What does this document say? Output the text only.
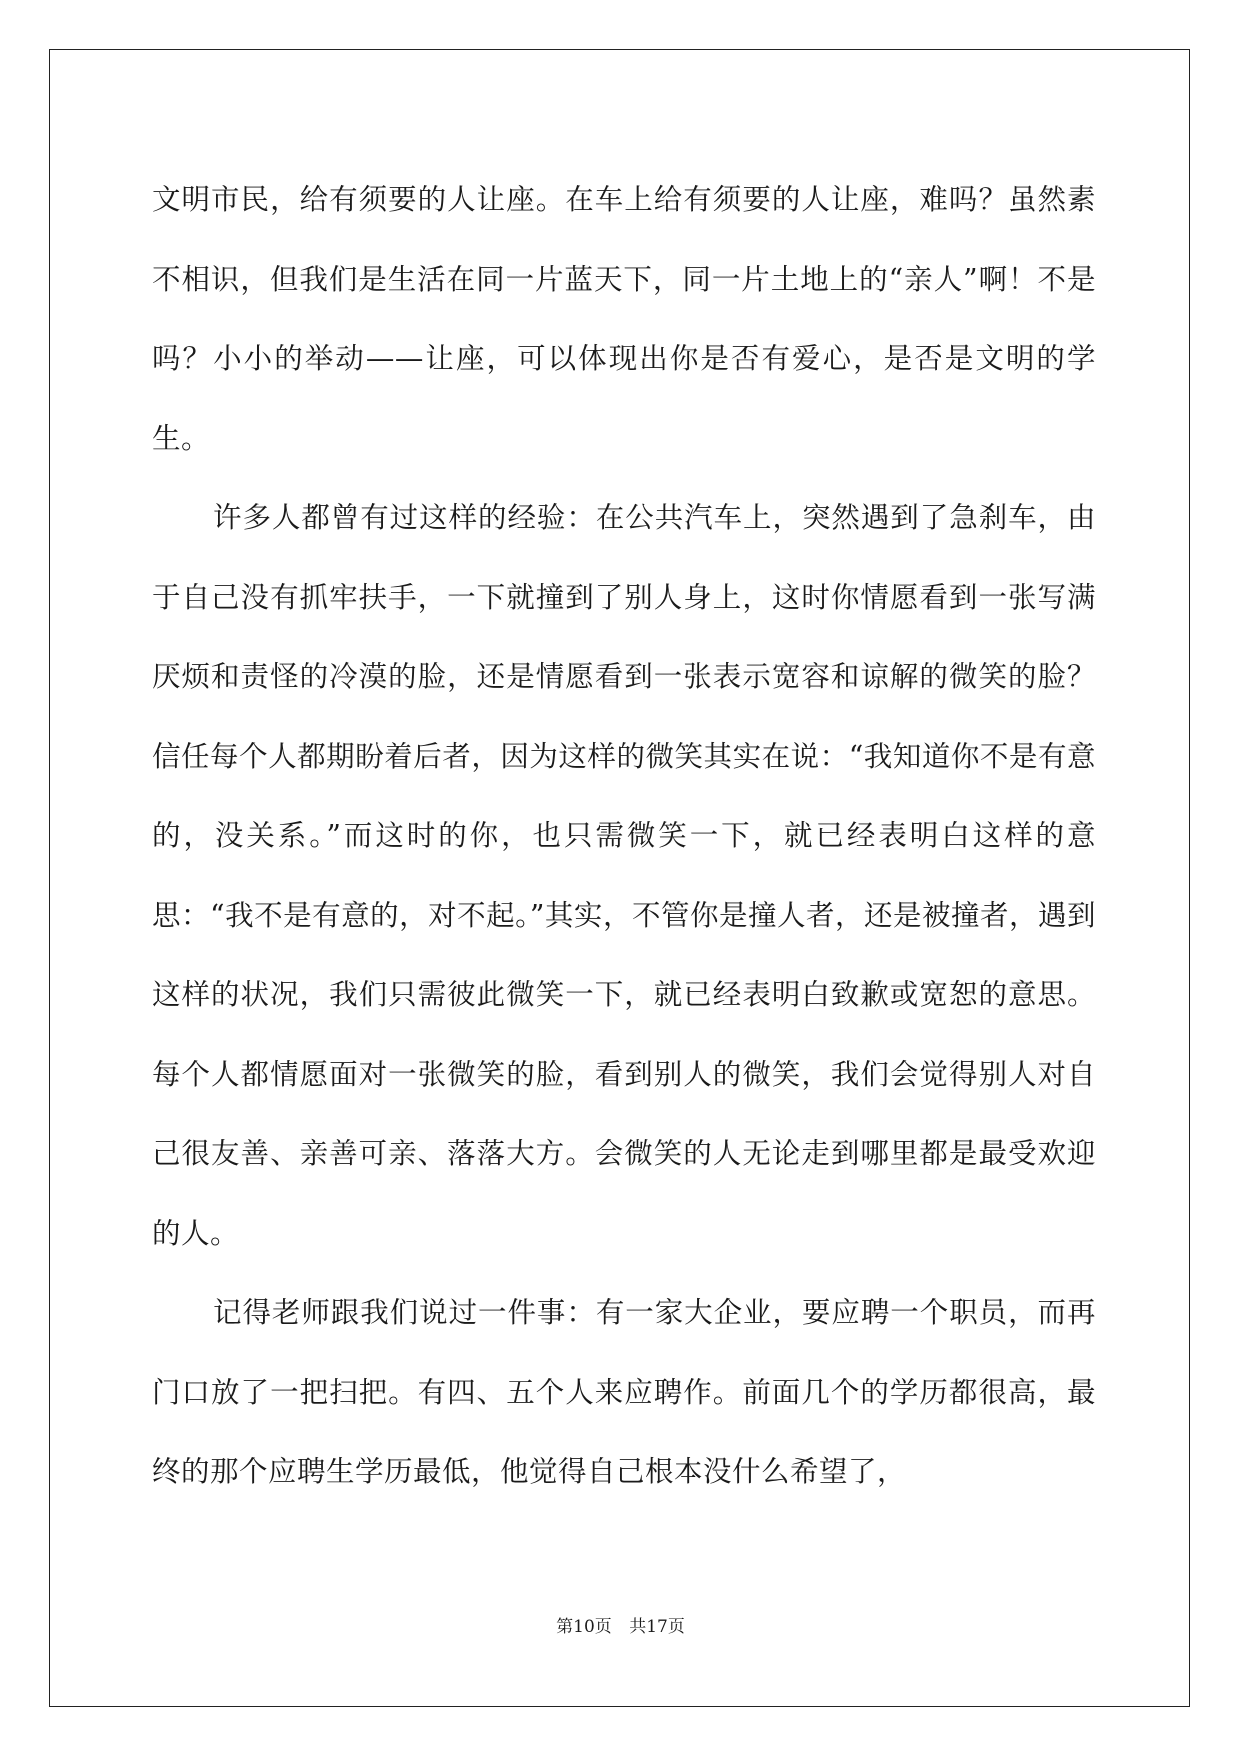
文明市民，给有须要的人让座。在车上给有须要的人让座，难吗？虽然素不相识，但我们是生活在同一片蓝天下，同一片土地上的“亲人”啊！不是吗？小小的举动——让座，可以体现出你是否有爱心，是否是文明的学生。

许多人都曾有过这样的经验：在公共汽车上，突然遇到了急刹车，由于自己没有抓牢扶手，一下就撞到了别人身上，这时你情愿看到一张写满厌烦和责怪的冷漠的脸，还是情愿看到一张表示宽容和谅解的微笑的脸？信任每个人都期盼着后者，因为这样的微笑其实在说：“我知道你不是有意的，没关系。”而这时的你，也只需微笑一下，就已经表明白这样的意思：“我不是有意的，对不起。”其实，不管你是撞人者，还是被撞者，遇到这样的状况，我们只需彼此微笑一下，就已经表明白致歉或宽恕的意思。每个人都情愿面对一张微笑的脸，看到别人的微笑，我们会觉得别人对自己很友善、亲善可亲、落落大方。会微笑的人无论走到哪里都是最受欢迎的人。

记得老师跟我们说过一件事：有一家大企业，要应聘一个职员，而再门口放了一把扫把。有四、五个人来应聘作。前面几个的学历都很高，最终的那个应聘生学历最低，他觉得自己根本没什么希望了，

第10页 共17页
